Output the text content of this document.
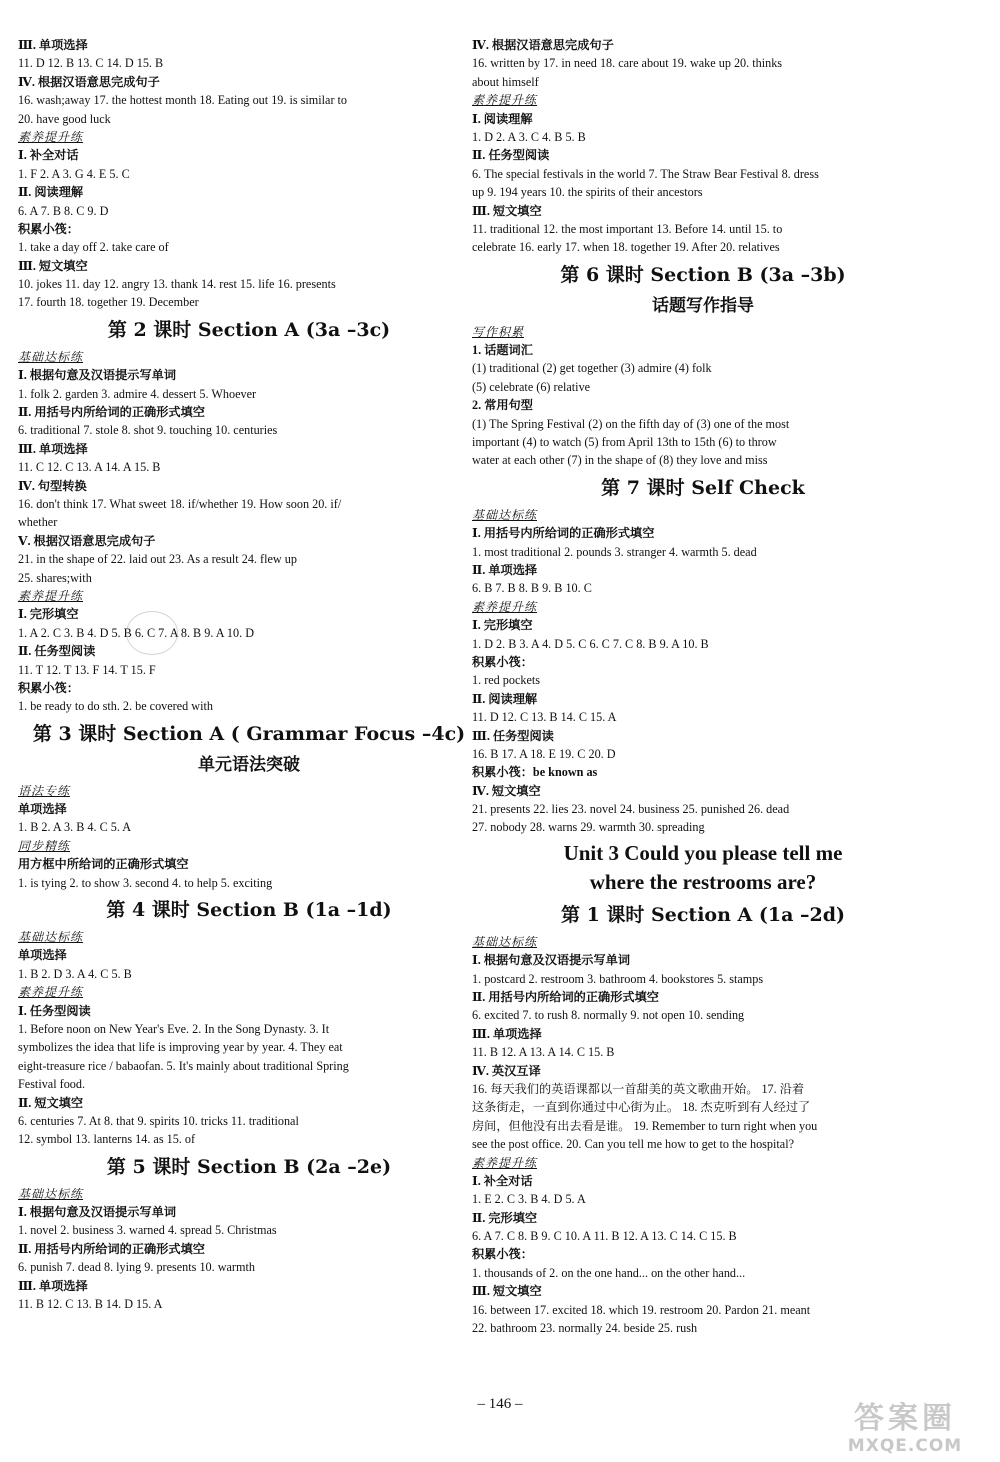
Ⅲ. 单项选择
11. D 12. B 13. C 14. D 15. B
Ⅳ. 根据汉语意思完成句子
16. wash;away 17. the hottest month 18. Eating out 19. is similar to
20. have good luck
素养提升练
Ⅰ. 补全对话
1. F 2. A 3. G 4. E 5. C
Ⅱ. 阅读理解
6. A 7. B 8. C 9. D
积累小筏：
1. take a day off 2. take care of
Ⅲ. 短文填空
10. jokes 11. day 12. angry 13. thank 14. rest 15. life 16. presents
17. fourth 18. together 19. December
第 2 课时 Section A (3a –3c)
基础达标练
Ⅰ. 根据句意及汉语提示写单词
1. folk 2. garden 3. admire 4. dessert 5. Whoever
Ⅱ. 用括号内所给词的正确形式填空
6. traditional 7. stole 8. shot 9. touching 10. centuries
Ⅲ. 单项选择
11. C 12. C 13. A 14. A 15. B
Ⅳ. 句型转换
16. don't think 17. What sweet 18. if/whether 19. How soon 20. if/
whether
Ⅴ. 根据汉语意思完成句子
21. in the shape of 22. laid out 23. As a result 24. flew up
25. shares;with
素养提升练
Ⅰ. 完形填空
1. A 2. C 3. B 4. D 5. B 6. C 7. A 8. B 9. A 10. D
Ⅱ. 任务型阅读
11. T 12. T 13. F 14. T 15. F
积累小筏：
1. be ready to do sth. 2. be covered with
第 3 课时 Section A ( Grammar Focus –4c)
单元语法突破
语法专练
单项选择
1. B 2. A 3. B 4. C 5. A
同步精练
用方框中所给词的正确形式填空
1. is tying 2. to show 3. second 4. to help 5. exciting
第 4 课时 Section B (1a –1d)
基础达标练
单项选择
1. B 2. D 3. A 4. C 5. B
素养提升练
Ⅰ. 任务型阅读
1. Before noon on New Year's Eve. 2. In the Song Dynasty. 3. It
symbolizes the idea that life is improving year by year. 4. They eat
eight-treasure rice / babaofan. 5. It's mainly about traditional Spring
Festival food.
Ⅱ. 短文填空
6. centuries 7. At 8. that 9. spirits 10. tricks 11. traditional
12. symbol 13. lanterns 14. as 15. of
第 5 课时 Section B (2a –2e)
基础达标练
Ⅰ. 根据句意及汉语提示写单词
1. novel 2. business 3. warned 4. spread 5. Christmas
Ⅱ. 用括号内所给词的正确形式填空
6. punish 7. dead 8. lying 9. presents 10. warmth
Ⅲ. 单项选择
11. B 12. C 13. B 14. D 15. A
Ⅳ. 根据汉语意思完成句子
16. written by 17. in need 18. care about 19. wake up 20. thinks
about himself
素养提升练
Ⅰ. 阅读理解
1. D 2. A 3. C 4. B 5. B
Ⅱ. 任务型阅读
6. The special festivals in the world 7. The Straw Bear Festival 8. dress
up 9. 194 years 10. the spirits of their ancestors
Ⅲ. 短文填空
11. traditional 12. the most important 13. Before 14. until 15. to
celebrate 16. early 17. when 18. together 19. After 20. relatives
第 6 课时 Section B (3a –3b)
话题写作指导
写作积累
1. 话题词汇
(1) traditional (2) get together (3) admire (4) folk
(5) celebrate (6) relative
2. 常用句型
(1) The Spring Festival (2) on the fifth day of (3) one of the most
important (4) to watch (5) from April 13th to 15th (6) to throw
water at each other (7) in the shape of (8) they love and miss
第 7 课时 Self Check
基础达标练
Ⅰ. 用括号内所给词的正确形式填空
1. most traditional 2. pounds 3. stranger 4. warmth 5. dead
Ⅱ. 单项选择
6. B 7. B 8. B 9. B 10. C
素养提升练
Ⅰ. 完形填空
1. D 2. B 3. A 4. D 5. C 6. C 7. C 8. B 9. A 10. B
积累小筏：
1. red pockets
Ⅱ. 阅读理解
11. D 12. C 13. B 14. C 15. A
Ⅲ. 任务型阅读
16. B 17. A 18. E 19. C 20. D
积累小筏：be known as
Ⅳ. 短文填空
21. presents 22. lies 23. novel 24. business 25. punished 26. dead
27. nobody 28. warns 29. warmth 30. spreading
Unit 3 Could you please tell me
where the restrooms are?
第 1 课时 Section A (1a –2d)
基础达标练
Ⅰ. 根据句意及汉语提示写单词
1. postcard 2. restroom 3. bathroom 4. bookstores 5. stamps
Ⅱ. 用括号内所给词的正确形式填空
6. excited 7. to rush 8. normally 9. not open 10. sending
Ⅲ. 单项选择
11. B 12. A 13. A 14. C 15. B
Ⅳ. 英汉互译
16. 每天我们的英语课都以一首甜美的英文歌曲开始。 17. 沿着
这条街走，一直到你通过中心街为止。 18. 杰克听到有人经过了
房间，但他没有出去看是谁。 19. Remember to turn right when you
see the post office. 20. Can you tell me how to get to the hospital?
素养提升练
Ⅰ. 补全对话
1. E 2. C 3. B 4. D 5. A
Ⅱ. 完形填空
6. A 7. C 8. B 9. C 10. A 11. B 12. A 13. C 14. C 15. B
积累小筏：
1. thousands of 2. on the one hand... on the other hand...
Ⅲ. 短文填空
16. between 17. excited 18. which 19. restroom 20. Pardon 21. meant
22. bathroom 23. normally 24. beside 25. rush
– 146 –	答案圈
MXQE.COM
